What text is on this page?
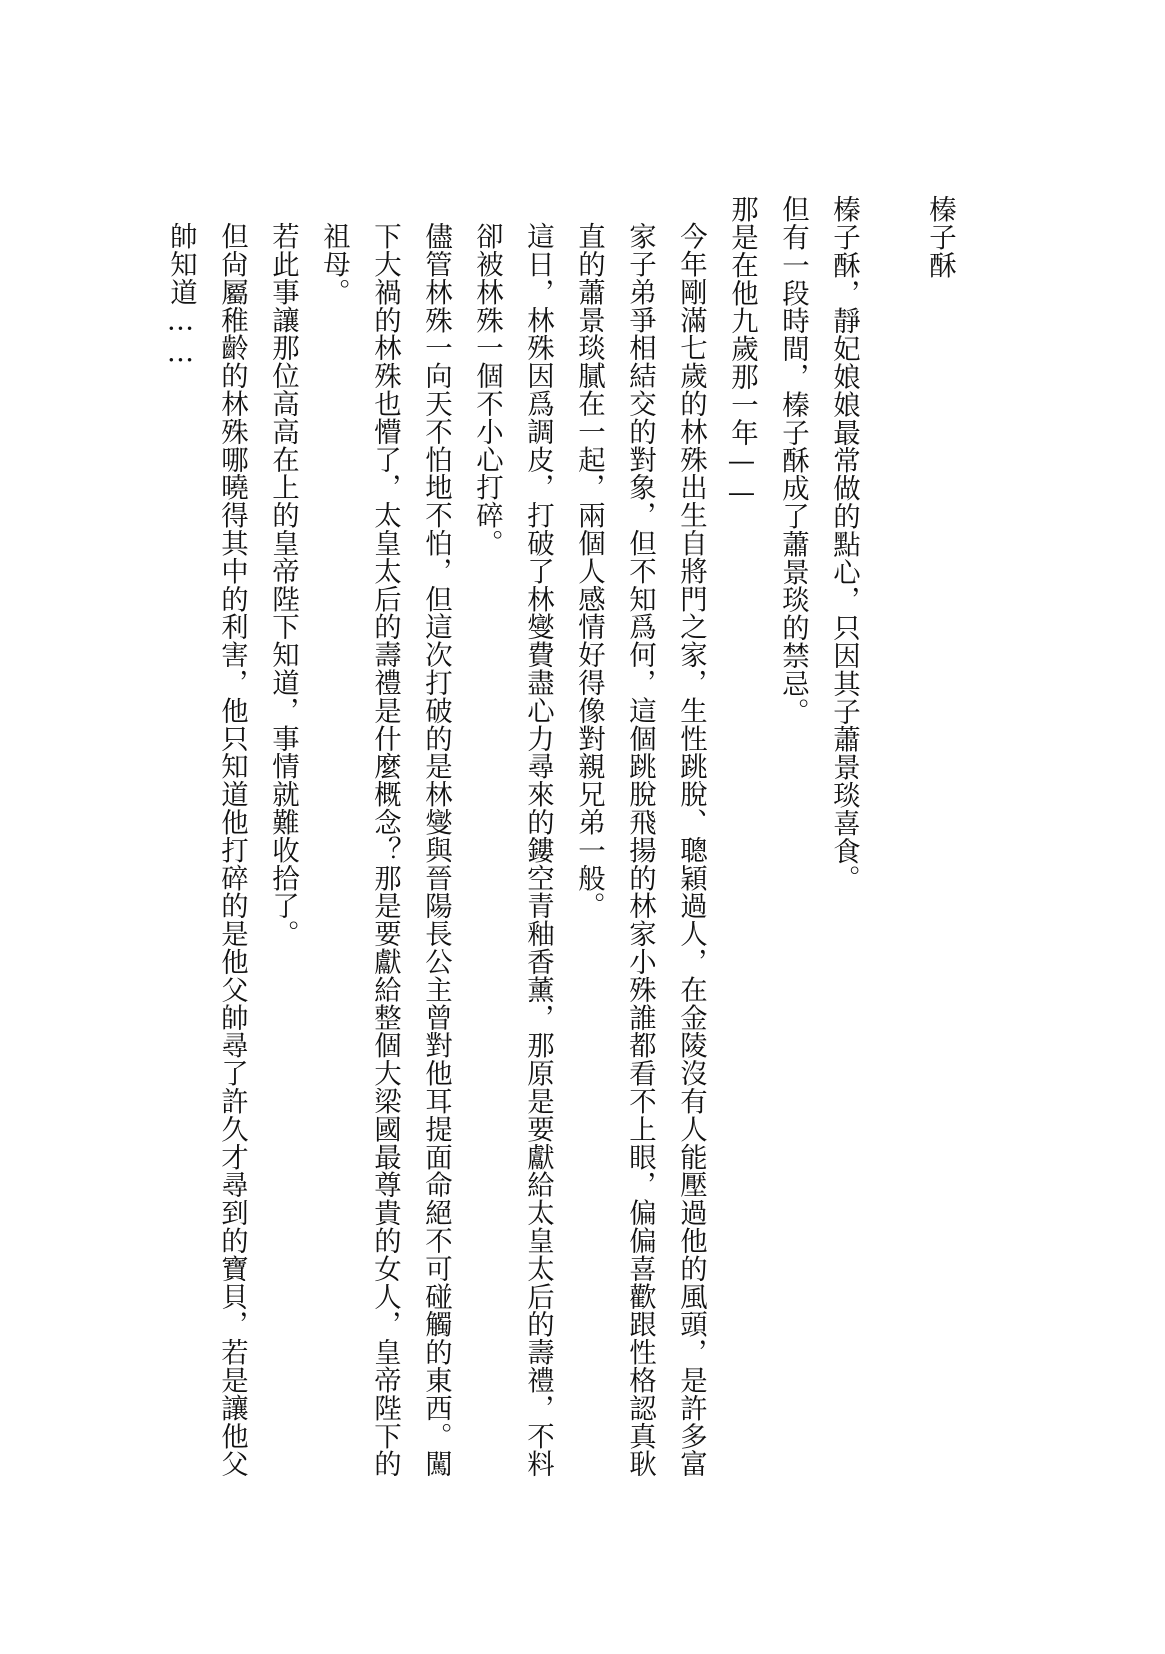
榛子酥

榛子酥，靜妃娘娘最常做的點心，只因其子蕭景琰喜食。

但有一段時間，榛子酥成了蕭景琰的禁忌。

那是在他九歲那一年——

今年剛滿七歲的林殊出生自將門之家，生性跳脫、聰穎過人，在金陵沒有人能壓過他的風頭，是許多富家子弟爭相結交的對象，但不知爲何，這個跳脫飛揚的林家小殊誰都看不上眼，偏偏喜歡跟性格認真耿直的蕭景琰膩在一起，兩個人感情好得像對親兄弟一般。

這日，林殊因爲調皮，打破了林燮費盡心力尋來的鏤空青釉香薰，那原是要獻給太皇太后的壽禮，不料卻被林殊一個不小心打碎。

儘管林殊一向天不怕地不怕，但這次打破的是林燮與晉陽長公主曾對他耳提面命絕不可碰觸的東西。闖下大禍的林殊也懵了，太皇太后的壽禮是什麼概念？那是要獻給整個大梁國最尊貴的女人，皇帝陛下的祖母。

若此事讓那位高高在上的皇帝陛下知道，事情就難收拾了。

但尙屬稚齡的林殊哪曉得其中的利害，他只知道他打碎的是他父帥尋了許久才尋到的寶貝，若是讓他父帥知道……
